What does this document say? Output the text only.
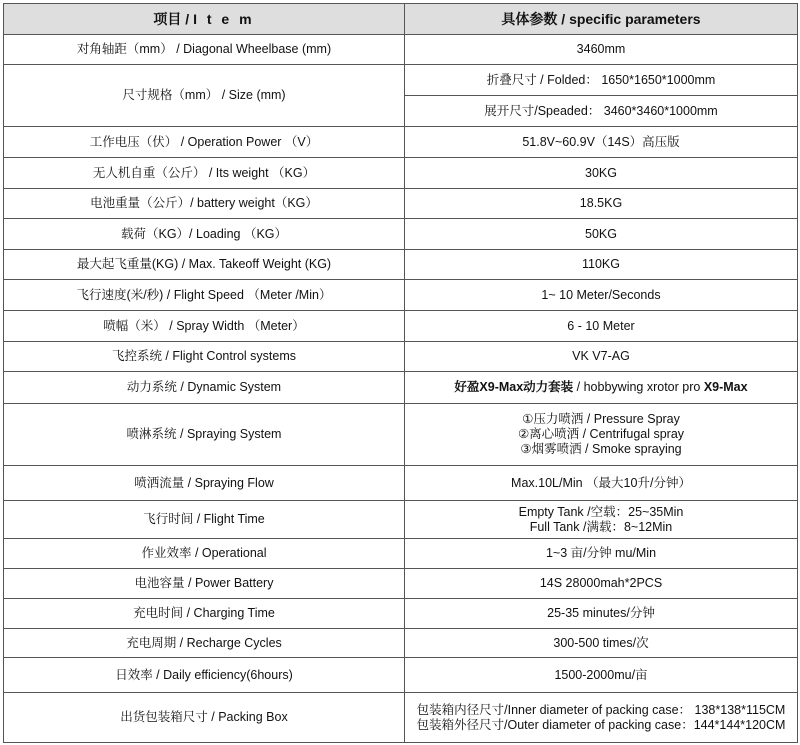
项目 / I t e m	具体参数 / specific parameters
对角轴距（mm） / Diagonal Wheelbase (mm)	3460mm
尺寸规格（mm） / Size (mm)	折叠尺寸 / Folded： 1650*1650*1000mm
	展开尺寸/Speaded： 3460*3460*1000mm
工作电压（伏） / Operation Power （V）	51.8V~60.9V（14S）高压版
无人机自重（公斤） / Its weight （KG）	30KG
电池重量（公斤）/ battery weight（KG）	18.5KG
载荷（KG）/ Loading （KG）	50KG
最大起飞重量(KG) / Max. Takeoff Weight (KG)	110KG
飞行速度(米/秒) / Flight Speed （Meter /Min）	1~ 10 Meter/Seconds
喷幅（米） / Spray Width （Meter）	6 - 10 Meter
飞控系统 / Flight Control systems	VK V7-AG
动力系统 / Dynamic System	好盈X9-Max动力套装 / hobbywing xrotor pro X9-Max
喷淋系统 / Spraying System	①压力喷洒 / Pressure Spray
②离心喷洒 / Centrifugal spray
③烟雾喷洒 / Smoke spraying

喷洒流量 / Spraying Flow	Max.10L/Min （最大10升/分钟）
飞行时间 / Flight Time	Empty Tank /空载：25~35Min
Full Tank /满载：8~12Min

作业效率 / Operational	1~3 亩/分钟 mu/Min
电池容量 / Power Battery	14S 28000mah*2PCS
充电时间 / Charging Time	25-35 minutes/分钟
充电周期 / Recharge Cycles	300-500 times/次
日效率 / Daily efficiency(6hours)	1500-2000mu/亩
出货包装箱尺寸 / Packing Box	包装箱内径尺寸/Inner diameter of packing case： 138*138*115CM
包装箱外径尺寸/Outer diameter of packing case：144*144*120CM
